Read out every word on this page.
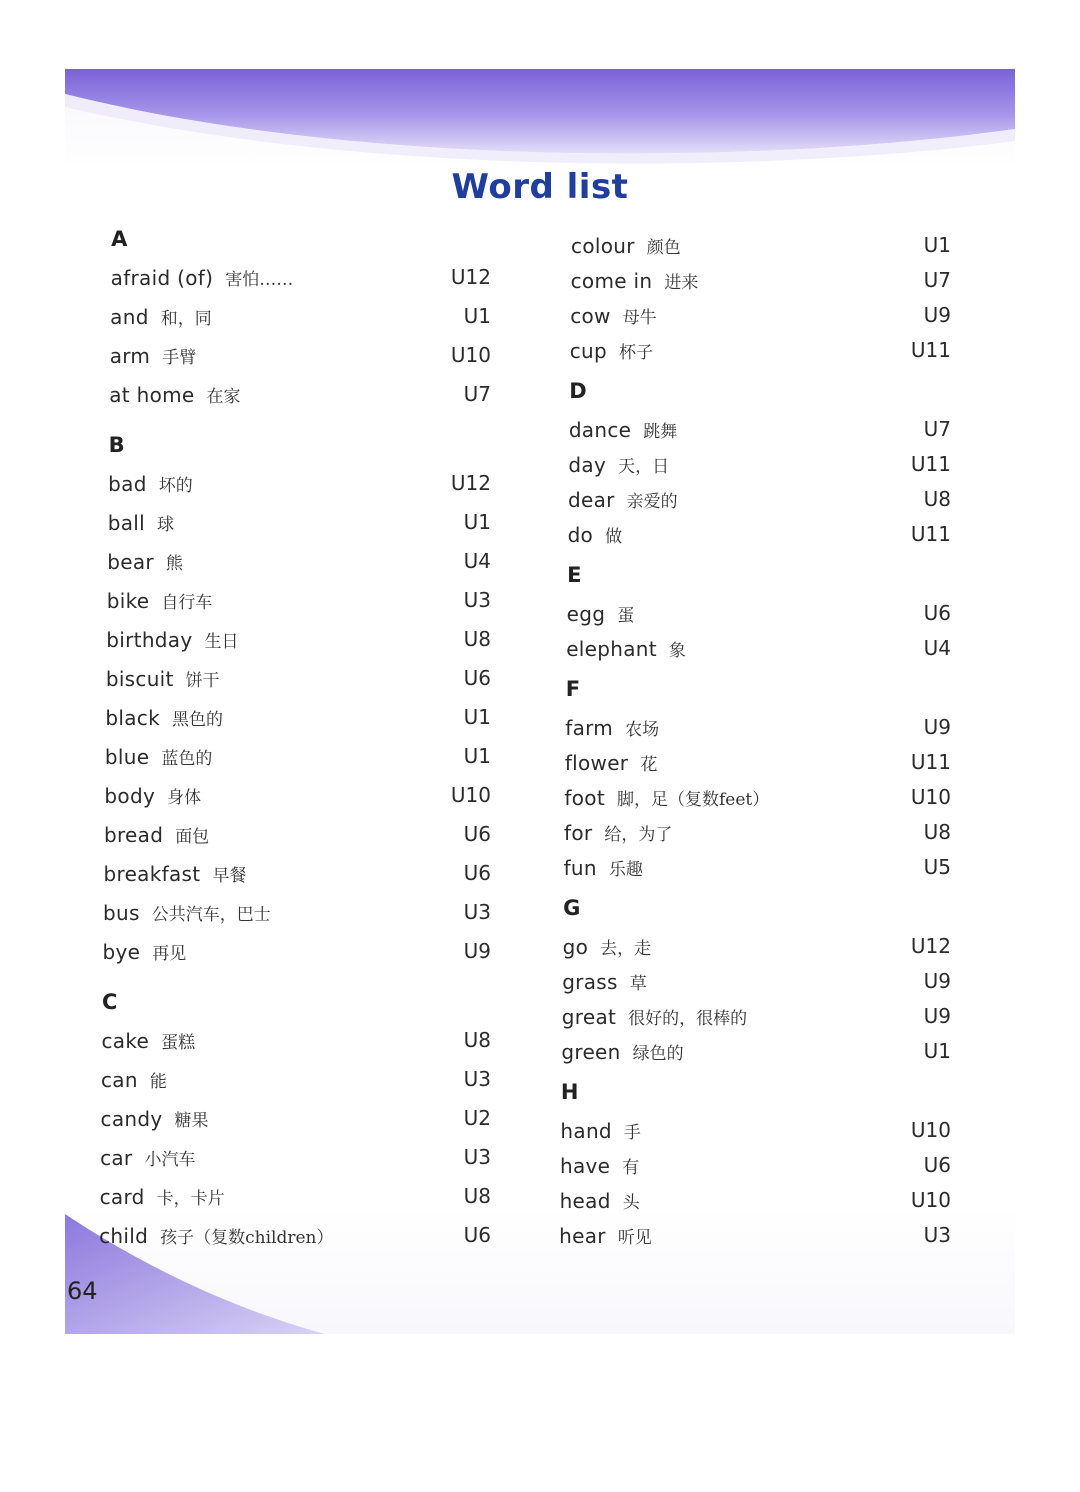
Word list
A
afraid (of) 害怕……	U12
and 和，同	U1
arm 手臂	U10
at home 在家	U7
B
bad 坏的	U12
ball 球	U1
bear 熊	U4
bike 自行车	U3
birthday 生日	U8
biscuit 饼干	U6
black 黑色的	U1
blue 蓝色的	U1
body 身体	U10
bread 面包	U6
breakfast 早餐	U6
bus 公共汽车，巴士	U3
bye 再见	U9
C
cake 蛋糕	U8
can 能	U3
candy 糖果	U2
car 小汽车	U3
card 卡，卡片	U8
child 孩子（复数children）	U6
colour 颜色	U1
come in 进来	U7
cow 母牛	U9
cup 杯子	U11
D
dance 跳舞	U7
day 天，日	U11
dear 亲爱的	U8
do 做	U11
E
egg 蛋	U6
elephant 象	U4
F
farm 农场	U9
flower 花	U11
foot 脚，足（复数feet）	U10
for 给，为了	U8
fun 乐趣	U5
G
go 去，走	U12
grass 草	U9
great 很好的，很棒的	U9
green 绿色的	U1
H
hand 手	U10
have 有	U6
head 头	U10
hear 听见	U3
64
